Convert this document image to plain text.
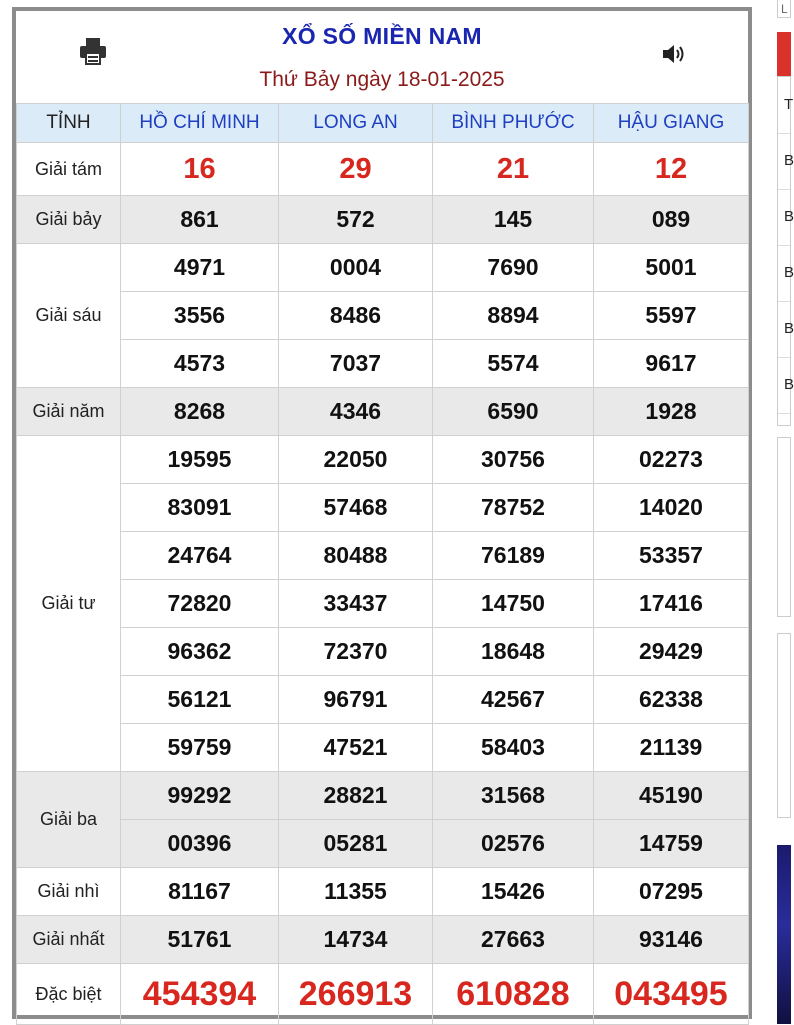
XỔ SỐ MIỀN NAM
Thứ Bảy ngày 18-01-2025
TỈNH	HỒ CHÍ MINH	LONG AN	BÌNH PHƯỚC	HẬU GIANG
Giải tám	16	29	21	12
Giải bảy	861	572	145	089
Giải sáu	4971	0004	7690	5001
	3556	8486	8894	5597
	4573	7037	5574	9617
Giải năm	8268	4346	6590	1928
Giải tư	19595	22050	30756	02273
	83091	57468	78752	14020
	24764	80488	76189	53357
	72820	33437	14750	17416
	96362	72370	18648	29429
	56121	96791	42567	62338
	59759	47521	58403	21139
Giải ba	99292	28821	31568	45190
	00396	05281	02576	14759
Giải nhì	81167	11355	15426	07295
Giải nhất	51761	14734	27663	93146
Đặc biệt	454394	266913	610828	043495
L
T
B
B
B
B
B
